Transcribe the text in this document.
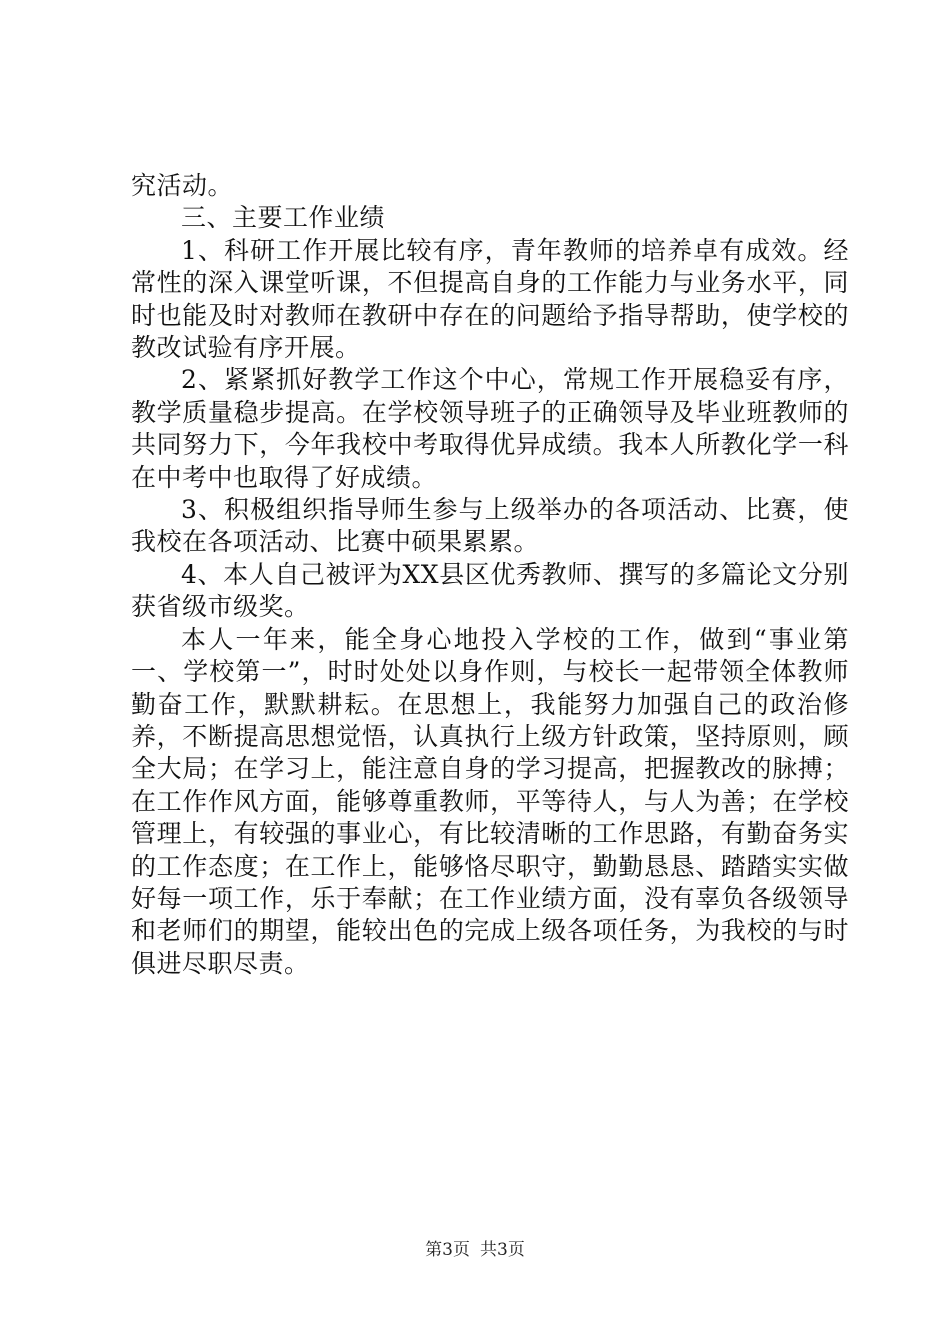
究活动。

三、主要工作业绩

1、科研工作开展比较有序，青年教师的培养卓有成效。经常性的深入课堂听课，不但提高自身的工作能力与业务水平，同时也能及时对教师在教研中存在的问题给予指导帮助，使学校的教改试验有序开展。

2、紧紧抓好教学工作这个中心，常规工作开展稳妥有序，教学质量稳步提高。在学校领导班子的正确领导及毕业班教师的共同努力下，今年我校中考取得优异成绩。我本人所教化学一科在中考中也取得了好成绩。

3、积极组织指导师生参与上级举办的各项活动、比赛，使我校在各项活动、比赛中硕果累累。

4、本人自己被评为XX县区优秀教师、撰写的多篇论文分别获省级市级奖。

本人一年来，能全身心地投入学校的工作，做到“事业第一、学校第一”，时时处处以身作则，与校长一起带领全体教师勤奋工作，默默耕耘。在思想上，我能努力加强自己的政治修养，不断提高思想觉悟，认真执行上级方针政策，坚持原则，顾全大局；在学习上，能注意自身的学习提高，把握教改的脉搏；在工作作风方面，能够尊重教师，平等待人，与人为善；在学校管理上，有较强的事业心，有比较清晰的工作思路，有勤奋务实的工作态度；在工作上，能够恪尽职守，勤勤恳恳、踏踏实实做好每一项工作，乐于奉献；在工作业绩方面，没有辜负各级领导和老师们的期望，能较出色的完成上级各项任务，为我校的与时俱进尽职尽责。

第3页 共3页
